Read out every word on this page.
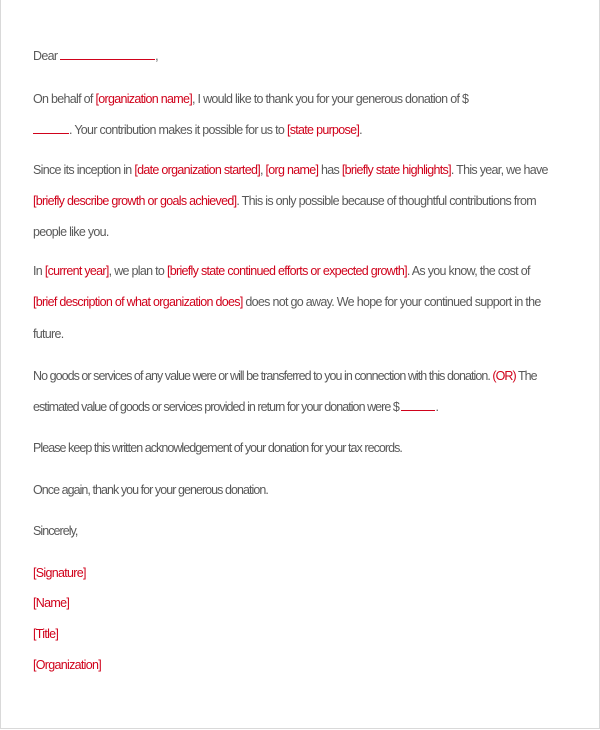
Dear	,
On behalf of [organization name], I would like to thank you for your generous donation of $
. Your contribution makes it possible for us to [state purpose].
Since its inception in [date organization started], [org name] has [briefly state highlights]. This year, we have
[briefly describe growth or goals achieved]. This is only possible because of thoughtful contributions from
people like you.
In [current year], we plan to [briefly state continued efforts or expected growth]. As you know, the cost of
[brief description of what organization does] does not go away. We hope for your continued support in the
future.
No goods or services of any value were or will be transferred to you in connection with this donation. (OR) The
estimated value of goods or services provided in return for your donation were $	.
Please keep this written acknowledgement of your donation for your tax records.
Once again, thank you for your generous donation.
Sincerely,
[Signature]
[Name]
[Title]
[Organization]
